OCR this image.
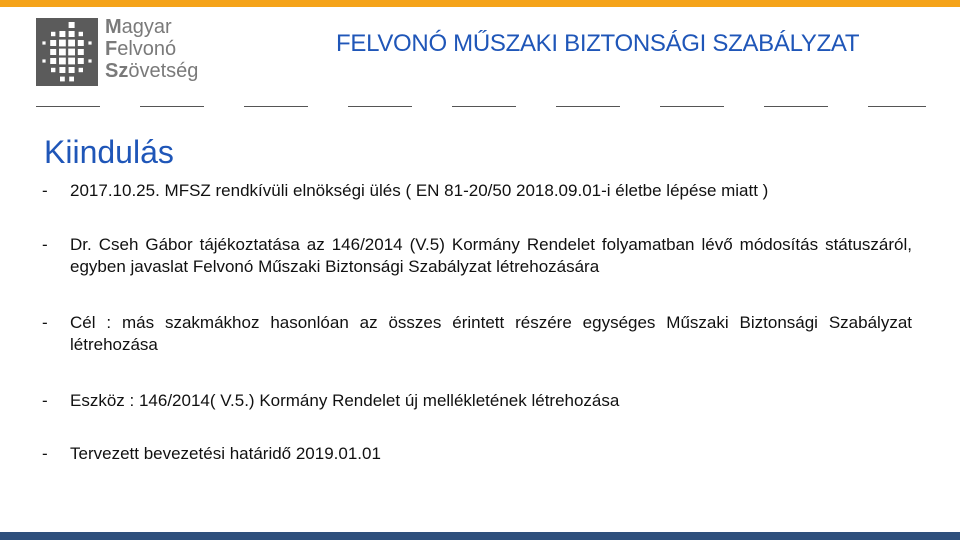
Magyar
Felvonó
Szövetség
FELVONÓ MŰSZAKI BIZTONSÁGI SZABÁLYZAT
Kiindulás
-	2017.10.25. MFSZ rendkívüli elnökségi ülés ( EN 81-20/50 2018.09.01-i életbe lépése miatt )
-	Dr. Cseh Gábor tájékoztatása az 146/2014 (V.5) Kormány Rendelet folyamatban lévő módosítás státuszáról, egyben javaslat Felvonó Műszaki Biztonsági Szabályzat létrehozására
-	Cél : más szakmákhoz hasonlóan az összes érintett részére egységes Műszaki Biztonsági Szabályzat létrehozása
-	Eszköz : 146/2014( V.5.) Kormány Rendelet új mellékletének létrehozása
-	Tervezett bevezetési határidő 2019.01.01
